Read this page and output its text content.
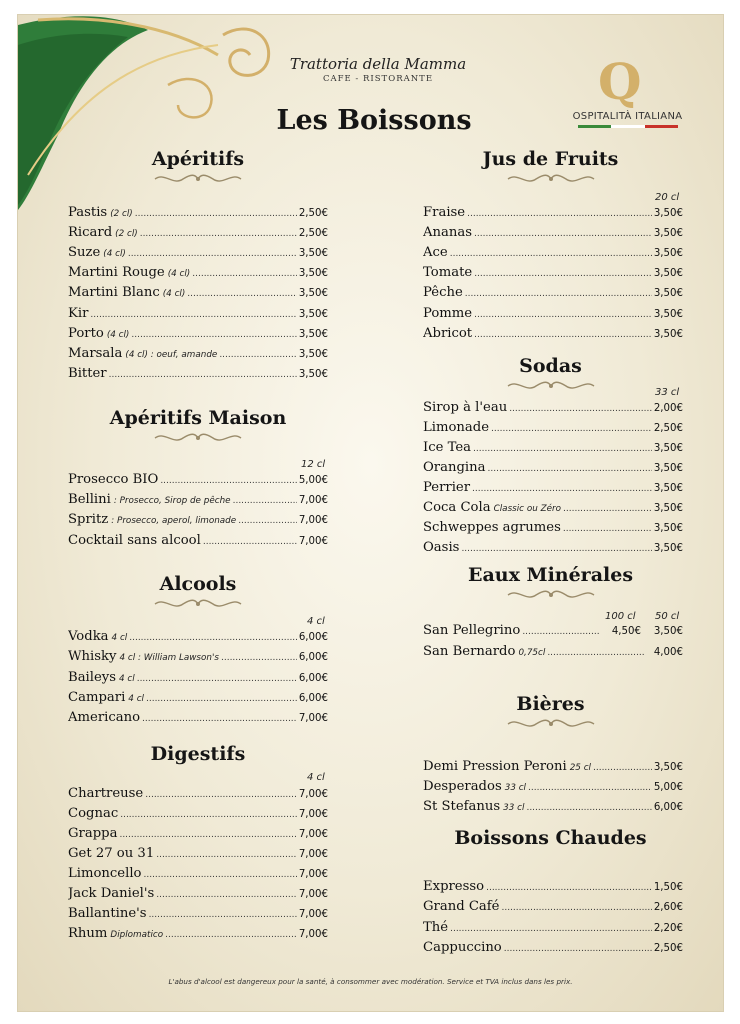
Trattoria della Mamma
CAFE - RISTORANTE
Les Boissons
Q
OSPITALITÀ ITALIANA
Apéritifs
Apéritifs Maison
12 cl
Alcools
4 cl
Digestifs
4 cl
Jus de Fruits
20 cl
Sodas
33 cl
Eaux Minérales
100 cl 50 cl
Bières
Boissons Chaudes
Pastis (2 cl) .....	2,50€
Ricard (2 cl) .....	2,50€
Suze (4 cl) .....	3,50€
Martini Rouge (4 cl) .....	3,50€
Martini Blanc (4 cl) .....	3,50€
Kir .....	3,50€
Porto (4 cl) .....	3,50€
Marsala (4 cl) : oeuf, amande .....	3,50€
Bitter .....	3,50€
Prosecco BIO .....	5,00€
Bellini : Prosecco, Sirop de pêche .....	7,00€
Spritz : Prosecco, aperol, limonade .....	7,00€
Cocktail sans alcool .....	7,00€
Vodka 4 cl .....	6,00€
Whisky 4 cl : William Lawson's .....	6,00€
Baileys 4 cl .....	6,00€
Campari 4 cl .....	6,00€
Americano .....	7,00€
Chartreuse .....	7,00€
Cognac .....	7,00€
Grappa .....	7,00€
Get 27 ou 31 .....	7,00€
Limoncello .....	7,00€
Jack Daniel's .....	7,00€
Ballantine's .....	7,00€
Rhum Diplomatico .....	7,00€
Fraise .....	3,50€
Ananas .....	3,50€
Ace .....	3,50€
Tomate .....	3,50€
Pêche .....	3,50€
Pomme .....	3,50€
Abricot .....	3,50€
Sirop à l'eau .....	2,00€
Limonade .....	2,50€
Ice Tea .....	3,50€
Orangina .....	3,50€
Perrier .....	3,50€
Coca Cola Classic ou Zéro .....	3,50€
Schweppes agrumes .....	3,50€
Oasis .....	3,50€
Demi Pression Peroni 25 cl .....	3,50€
Desperados 33 cl .....	5,00€
St Stefanus 33 cl .....	6,00€
Expresso .....	1,50€
Grand Café .....	2,60€
Thé .....	2,20€
Cappuccino .....	2,50€
San Pellegrino .....	4,50€	3,50€
San Bernardo 0,75cl .....	4,00€
L'abus d'alcool est dangereux pour la santé, à consommer avec modération. Service et TVA inclus dans les prix.
